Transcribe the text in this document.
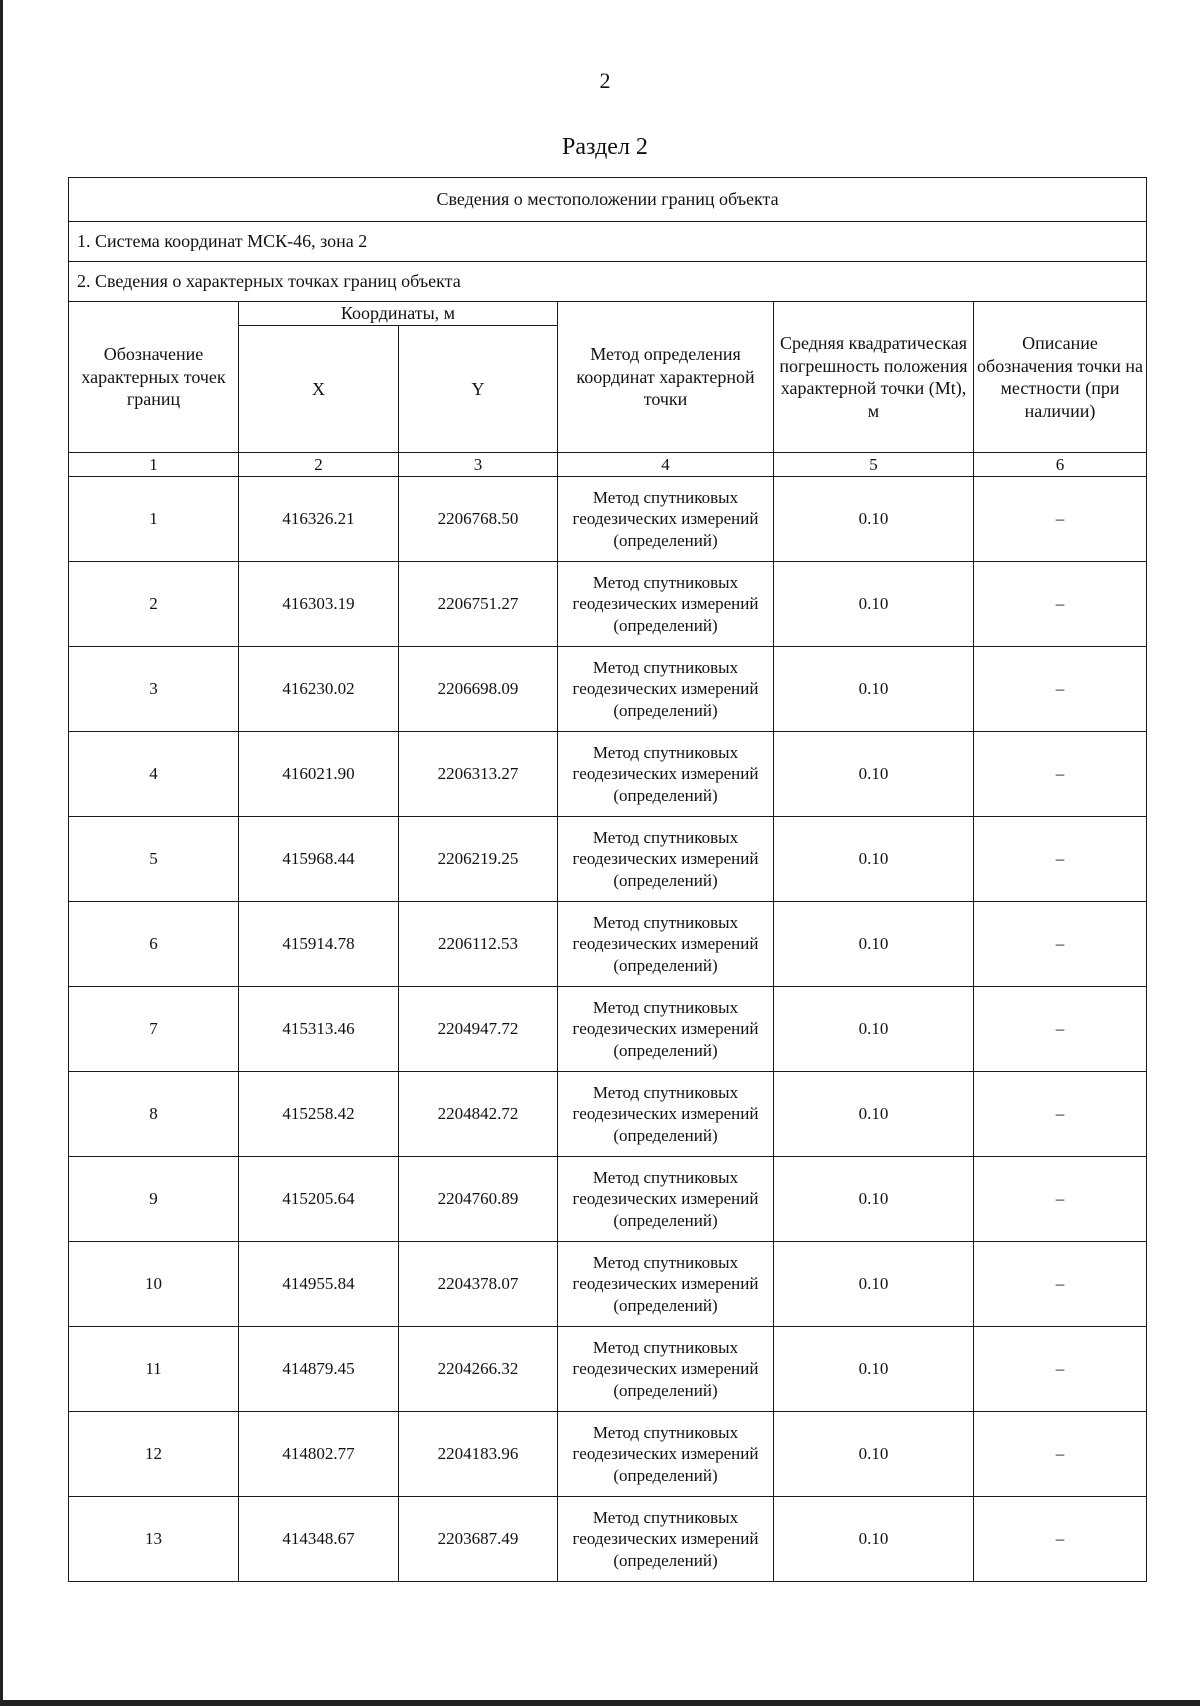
2
Раздел 2
Сведения о местоположении границ объекта					
1. Система координат МСК-46, зона 2					
2. Сведения о характерных точках границ объекта					
Обозначение характерных точек границ	Координаты, м		Метод определения координат характерной точки	Средняя квадратическая погрешность положения характерной точки (Mt), м	Описание обозначения точки на местности (при наличии)
	X	Y			
1	2	3	4	5	6
1	416326.21	2206768.50	Метод спутниковых геодезических измерений (определений)	0.10	–
2	416303.19	2206751.27	Метод спутниковых геодезических измерений (определений)	0.10	–
3	416230.02	2206698.09	Метод спутниковых геодезических измерений (определений)	0.10	–
4	416021.90	2206313.27	Метод спутниковых геодезических измерений (определений)	0.10	–
5	415968.44	2206219.25	Метод спутниковых геодезических измерений (определений)	0.10	–
6	415914.78	2206112.53	Метод спутниковых геодезических измерений (определений)	0.10	–
7	415313.46	2204947.72	Метод спутниковых геодезических измерений (определений)	0.10	–
8	415258.42	2204842.72	Метод спутниковых геодезических измерений (определений)	0.10	–
9	415205.64	2204760.89	Метод спутниковых геодезических измерений (определений)	0.10	–
10	414955.84	2204378.07	Метод спутниковых геодезических измерений (определений)	0.10	–
11	414879.45	2204266.32	Метод спутниковых геодезических измерений (определений)	0.10	–
12	414802.77	2204183.96	Метод спутниковых геодезических измерений (определений)	0.10	–
13	414348.67	2203687.49	Метод спутниковых геодезических измерений (определений)	0.10	–
